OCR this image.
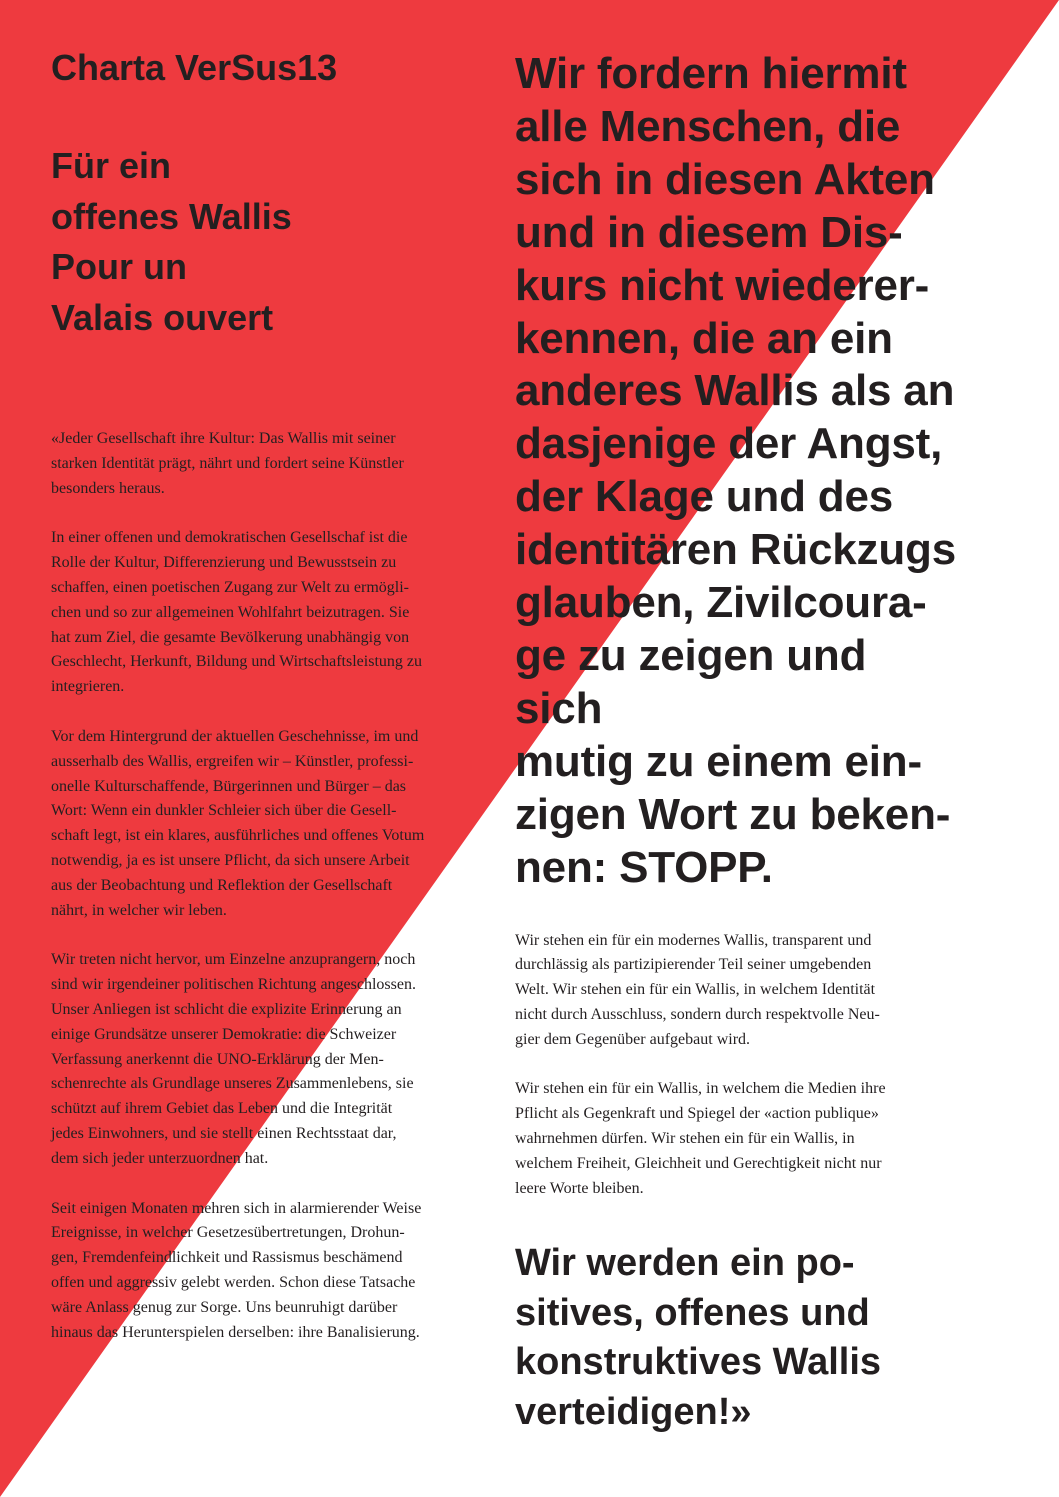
Charta VerSus13
Für ein
offenes Wallis
Pour un
Valais ouvert

«Jeder Gesellschaft ihre Kultur: Das Wallis mit seiner
starken Identität prägt, nährt und fordert seine Künstler
besonders heraus.

In einer offenen und demokratischen Gesellschaf ist die
Rolle der Kultur, Differenzierung und Bewusstsein zu
schaffen, einen poetischen Zugang zur Welt zu ermögli-
chen und so zur allgemeinen Wohlfahrt beizutragen. Sie
hat zum Ziel, die gesamte Bevölkerung unabhängig von
Geschlecht, Herkunft, Bildung und Wirtschaftsleistung zu
integrieren.

Vor dem Hintergrund der aktuellen Geschehnisse, im und
ausserhalb des Wallis, ergreifen wir – Künstler, professi-
onelle Kulturschaffende, Bürgerinnen und Bürger – das
Wort: Wenn ein dunkler Schleier sich über die Gesell-
schaft legt, ist ein klares, ausführliches und offenes Votum
notwendig, ja es ist unsere Pflicht, da sich unsere Arbeit
aus der Beobachtung und Reflektion der Gesellschaft
nährt, in welcher wir leben.

Wir treten nicht hervor, um Einzelne anzuprangern, noch
sind wir irgendeiner politischen Richtung angeschlossen.
Unser Anliegen ist schlicht die explizite Erinnerung an
einige Grundsätze unserer Demokratie: die Schweizer
Verfassung anerkennt die UNO-Erklärung der Men-
schenrechte als Grundlage unseres Zusammenlebens, sie
schützt auf ihrem Gebiet das Leben und die Integrität
jedes Einwohners, und sie stellt einen Rechtsstaat dar,
dem sich jeder unterzuordnen hat.

Seit einigen Monaten mehren sich in alarmierender Weise
Ereignisse, in welcher Gesetzesübertretungen, Drohun-
gen, Fremdenfeindlichkeit und Rassismus beschämend
offen und aggressiv gelebt werden. Schon diese Tatsache
wäre Anlass genug zur Sorge. Uns beunruhigt darüber
hinaus das Herunterspielen derselben: ihre Banalisierung.

Wir fordern hiermit
alle Menschen, die
sich in diesen Akten
und in diesem Dis-
kurs nicht wiederer-
kennen, die an ein
anderes Wallis als an
dasjenige der Angst,
der Klage und des
identitären Rückzugs
glauben, Zivilcoura-
ge zu zeigen und sich
mutig zu einem ein-
zigen Wort zu beken-
nen: STOPP.

Wir stehen ein für ein modernes Wallis, transparent und
durchlässig als partizipierender Teil seiner umgebenden
Welt. Wir stehen ein für ein Wallis, in welchem Identität
nicht durch Ausschluss, sondern durch respektvolle Neu-
gier dem Gegenüber aufgebaut wird.

Wir stehen ein für ein Wallis, in welchem die Medien ihre
Pflicht als Gegenkraft und Spiegel der «action publique»
wahrnehmen dürfen. Wir stehen ein für ein Wallis, in
welchem Freiheit, Gleichheit und Gerechtigkeit nicht nur
leere Worte bleiben.

Wir werden ein po-
sitives, offenes und
konstruktives Wallis
verteidigen!»
